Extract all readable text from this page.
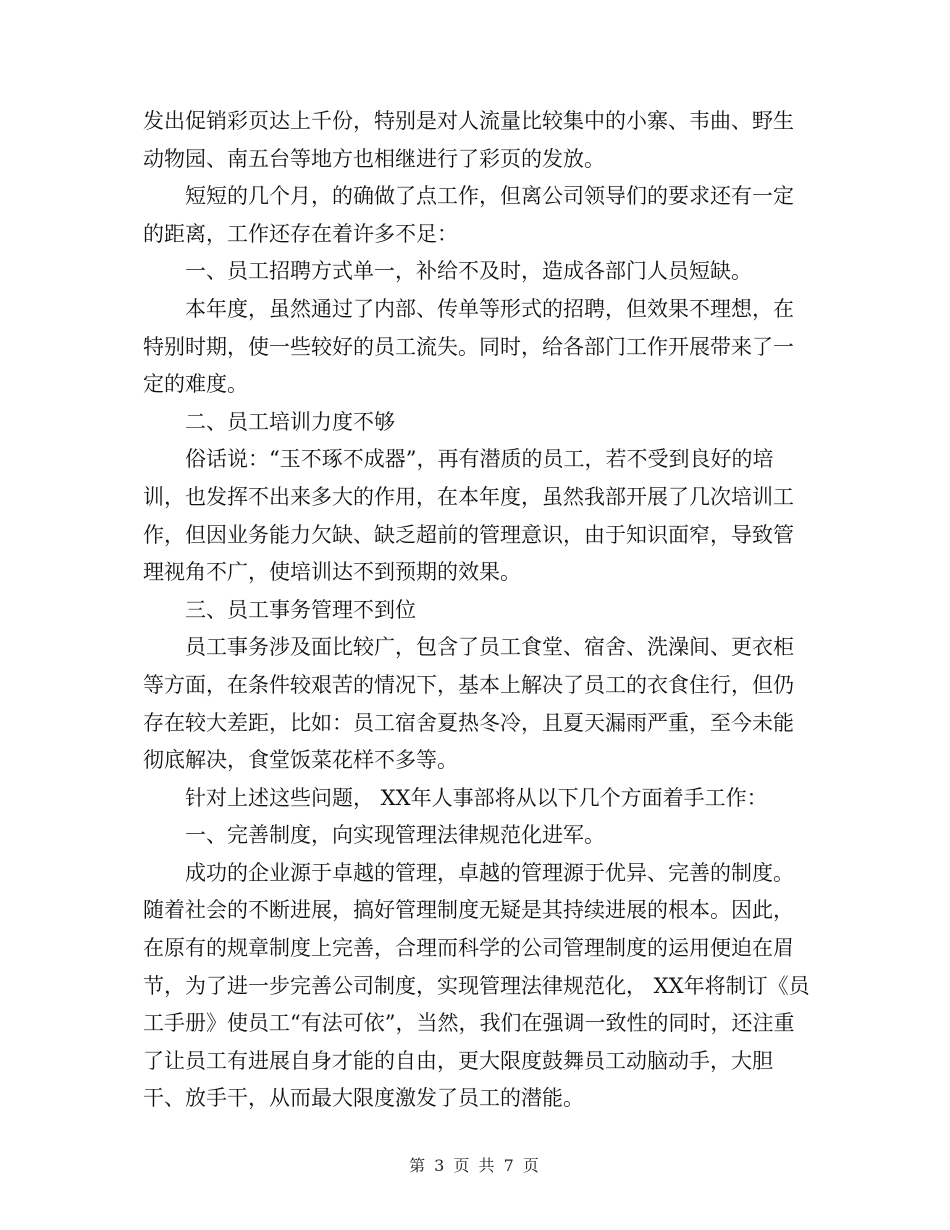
发出促销彩页达上千份，特别是对人流量比较集中的小寨、韦曲、野生动物园、南五台等地方也相继进行了彩页的发放。

短短的几个月，的确做了点工作，但离公司领导们的要求还有一定的距离，工作还存在着许多不足：

一、员工招聘方式单一，补给不及时，造成各部门人员短缺。

本年度，虽然通过了内部、传单等形式的招聘，但效果不理想，在特别时期，使一些较好的员工流失。同时，给各部门工作开展带来了一定的难度。

二、员工培训力度不够

俗话说：“玉不琢不成器”，再有潜质的员工，若不受到良好的培训，也发挥不出来多大的作用，在本年度，虽然我部开展了几次培训工作，但因业务能力欠缺、缺乏超前的管理意识，由于知识面窄，导致管理视角不广，使培训达不到预期的效果。

三、员工事务管理不到位

员工事务涉及面比较广，包含了员工食堂、宿舍、洗澡间、更衣柜等方面，在条件较艰苦的情况下，基本上解决了员工的衣食住行，但仍存在较大差距，比如：员工宿舍夏热冬冷，且夏天漏雨严重，至今未能彻底解决，食堂饭菜花样不多等。

针对上述这些问题， XX年人事部将从以下几个方面着手工作：

一、完善制度，向实现管理法律规范化进军。

成功的企业源于卓越的管理，卓越的管理源于优异、完善的制度。随着社会的不断进展，搞好管理制度无疑是其持续进展的根本。因此，在原有的规章制度上完善，合理而科学的公司管理制度的运用便迫在眉节，为了进一步完善公司制度，实现管理法律规范化， XX年将制订《员工手册》使员工“有法可依”，当然，我们在强调一致性的同时，还注重了让员工有进展自身才能的自由，更大限度鼓舞员工动脑动手，大胆干、放手干，从而最大限度激发了员工的潜能。

第 3 页 共 7 页
